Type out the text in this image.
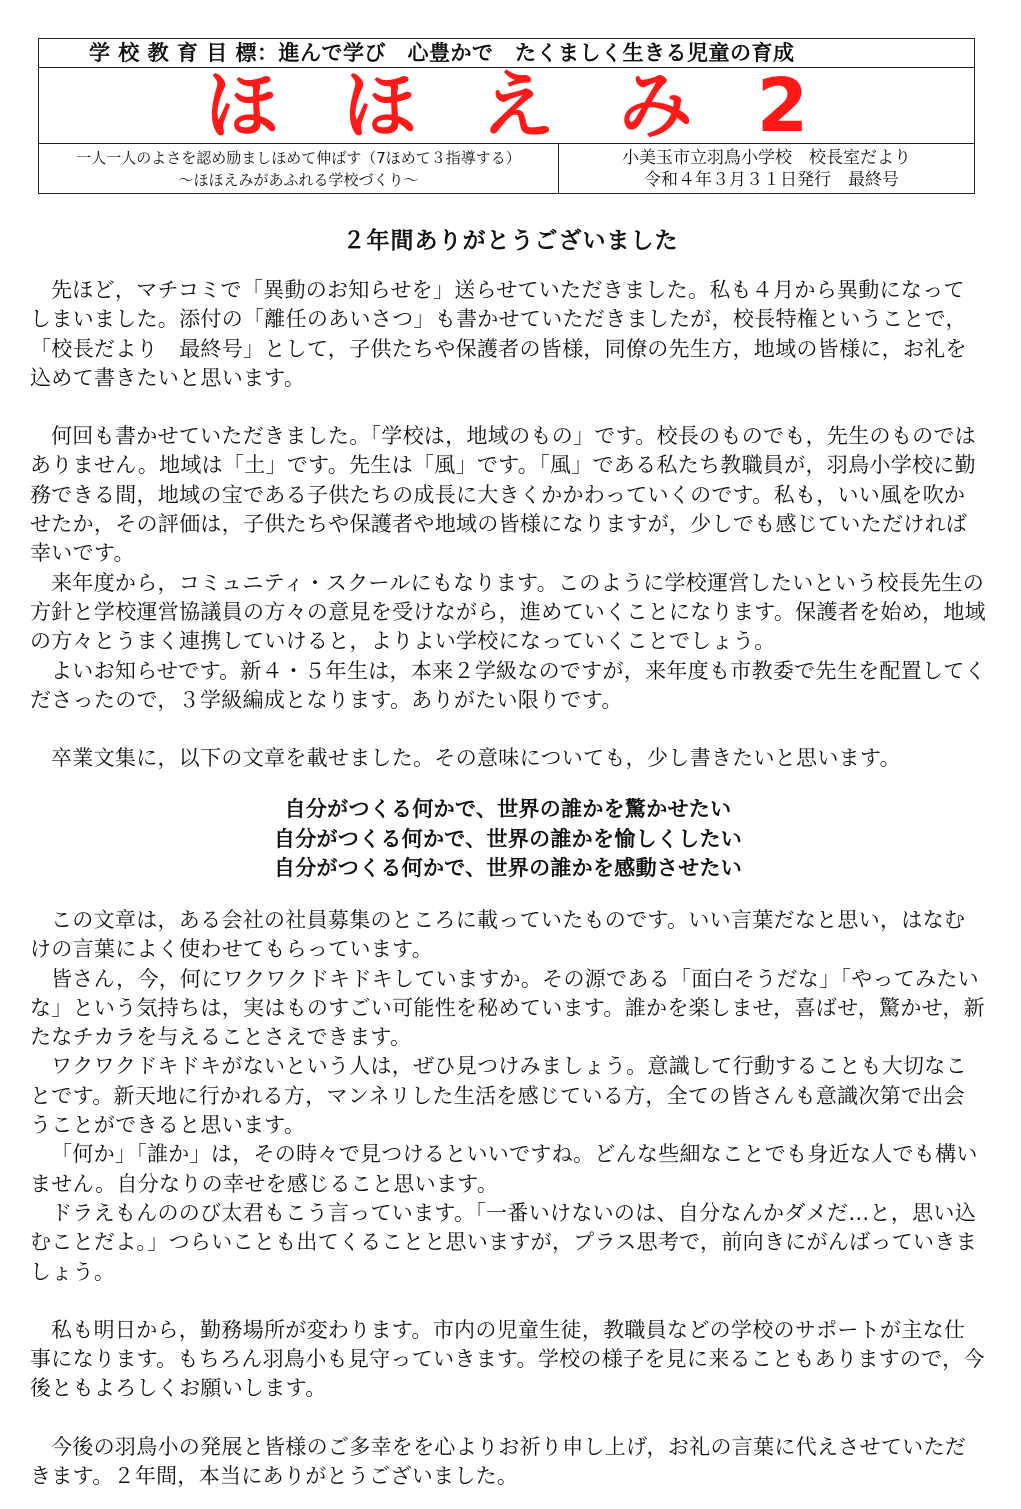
学 校 教 育 目 標：進んで学び　心豊かで　たくましく生きる児童の育成
ほ ほ え み 2
一人一人のよさを認め励ましほめて伸ばす（7ほめて３指導する）
〜ほほえみがあふれる学校づくり〜
小美玉市立羽鳥小学校　校長室だより
令和４年３月３１日発行　最終号
２年間ありがとうございました

先ほど，マチコミで「異動のお知らせを」送らせていただきました。私も４月から異動になってしまいました。添付の「離任のあいさつ」も書かせていただきましたが，校長特権ということで，「校長だより　最終号」として，子供たちや保護者の皆様，同僚の先生方，地域の皆様に，お礼を込めて書きたいと思います。

何回も書かせていただきました。「学校は，地域のもの」です。校長のものでも，先生のものではありません。地域は「土」です。先生は「風」です。「風」である私たち教職員が，羽鳥小学校に勤務できる間，地域の宝である子供たちの成長に大きくかかわっていくのです。私も，いい風を吹かせたか，その評価は，子供たちや保護者や地域の皆様になりますが，少しでも感じていただければ幸いです。

来年度から，コミュニティ・スクールにもなります。このように学校運営したいという校長先生の方針と学校運営協議員の方々の意見を受けながら，進めていくことになります。保護者を始め，地域の方々とうまく連携していけると，よりよい学校になっていくことでしょう。

よいお知らせです。新４・５年生は，本来２学級なのですが，来年度も市教委で先生を配置してくださったので，３学級編成となります。ありがたい限りです。

卒業文集に，以下の文章を載せました。その意味についても，少し書きたいと思います。

自分がつくる何かで、世界の誰かを驚かせたい
自分がつくる何かで、世界の誰かを愉しくしたい
自分がつくる何かで、世界の誰かを感動させたい

この文章は，ある会社の社員募集のところに載っていたものです。いい言葉だなと思い，はなむけの言葉によく使わせてもらっています。

皆さん，今，何にワクワクドキドキしていますか。その源である「面白そうだな」「やってみたいな」という気持ちは，実はものすごい可能性を秘めています。誰かを楽しませ，喜ばせ，驚かせ，新たなチカラを与えることさえできます。

ワクワクドキドキがないという人は，ぜひ見つけみましょう。意識して行動することも大切なことです。新天地に行かれる方，マンネリした生活を感じている方，全ての皆さんも意識次第で出会うことができると思います。

「何か」「誰か」は，その時々で見つけるといいですね。どんな些細なことでも身近な人でも構いません。自分なりの幸せを感じること思います。

ドラえもんののび太君もこう言っています。「一番いけないのは、自分なんかダメだ…と，思い込むことだよ。」つらいことも出てくることと思いますが，プラス思考で，前向きにがんばっていきましょう。

私も明日から，勤務場所が変わります。市内の児童生徒，教職員などの学校のサポートが主な仕事になります。もちろん羽鳥小も見守っていきます。学校の様子を見に来ることもありますので，今後ともよろしくお願いします。

今後の羽鳥小の発展と皆様のご多幸をを心よりお祈り申し上げ，お礼の言葉に代えさせていただきます。２年間，本当にありがとうございました。
